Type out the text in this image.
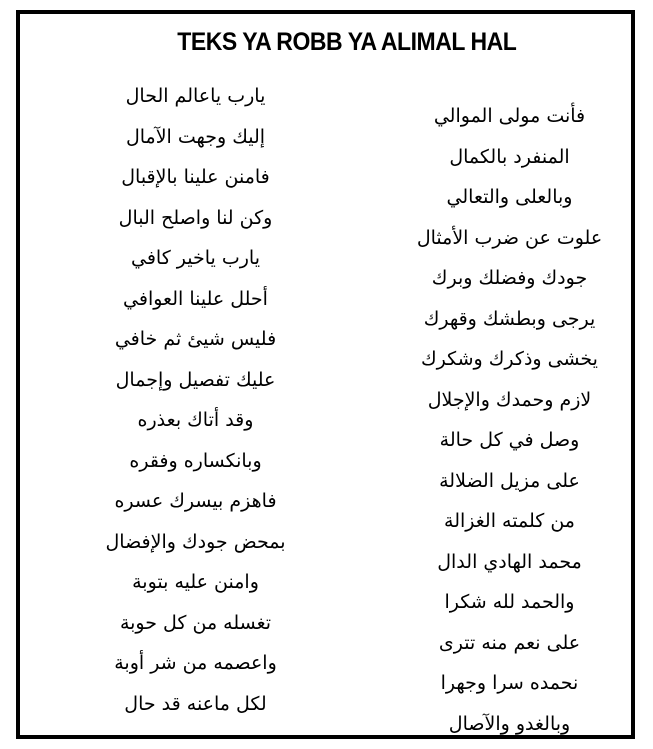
TEKS YA ROBB YA ALIMAL HAL
يارب ياعالم الحال
إليك وجهت الآمال
فامنن علينا بالإقبال
وكن لنا واصلح البال
يارب ياخير كافي
أحلل علينا العوافي
فليس شيئ ثم خافي
عليك تفصيل وإجمال
وقد أتاك بعذره
وبانكساره وفقره
فاهزم بيسرك عسره
بمحض جودك والإفضال
وامنن عليه بتوبة
تغسله من كل حوبة
واعصمه من شر أوبة
لكل ماعنه قد حال
فأنت مولى الموالي
المنفرد بالكمال
وبالعلى والتعالي
علوت عن ضرب الأمثال
جودك وفضلك وبرك
يرجى وبطشك وقهرك
يخشى وذكرك وشكرك
لازم وحمدك والإجلال
وصل في كل حالة
على مزيل الضلالة
من كلمته الغزالة
محمد الهادي الدال
والحمد لله شكرا
على نعم منه تترى
نحمده سرا وجهرا
وبالغدو والآصال
